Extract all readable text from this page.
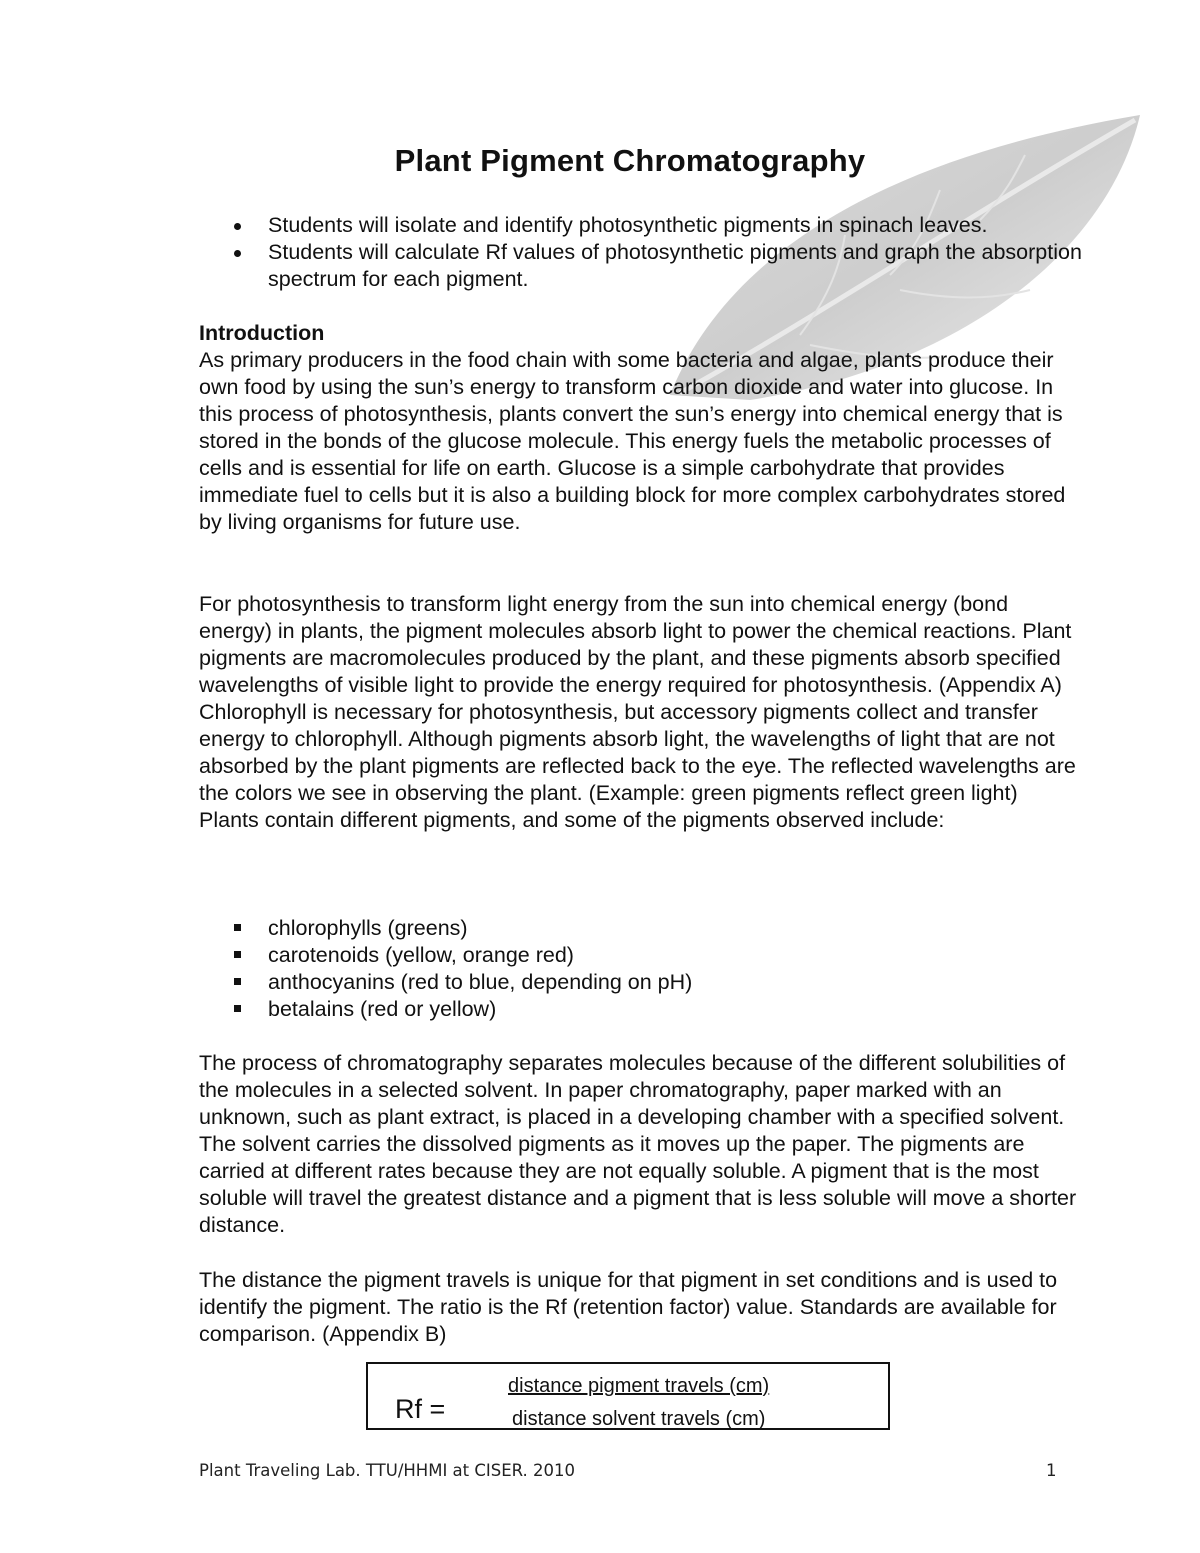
Plant Pigment Chromatography
Students will isolate and identify photosynthetic pigments in spinach leaves.
Students will calculate Rf values of photosynthetic pigments and graph the absorption spectrum for each pigment.
Introduction

As primary producers in the food chain with some bacteria and algae, plants produce their own food by using the sun’s energy to transform carbon dioxide and water into glucose. In this process of photosynthesis, plants convert the sun’s energy into chemical energy that is stored in the bonds of the glucose molecule. This energy fuels the metabolic processes of cells and is essential for life on earth. Glucose is a simple carbohydrate that provides immediate fuel to cells but it is also a building block for more complex carbohydrates stored by living organisms for future use.

For photosynthesis to transform light energy from the sun into chemical energy (bond energy) in plants, the pigment molecules absorb light to power the chemical reactions. Plant pigments are macromolecules produced by the plant, and these pigments absorb specified wavelengths of visible light to provide the energy required for photosynthesis. (Appendix A) Chlorophyll is necessary for photosynthesis, but accessory pigments collect and transfer energy to chlorophyll. Although pigments absorb light, the wavelengths of light that are not absorbed by the plant pigments are reflected back to the eye. The reflected wavelengths are the colors we see in observing the plant. (Example: green pigments reflect green light) Plants contain different pigments, and some of the pigments observed include:

chlorophylls (greens)
carotenoids (yellow, orange red)
anthocyanins (red to blue, depending on pH)
betalains (red or yellow)

The process of chromatography separates molecules because of the different solubilities of the molecules in a selected solvent. In paper chromatography, paper marked with an unknown, such as plant extract, is placed in a developing chamber with a specified solvent. The solvent carries the dissolved pigments as it moves up the paper. The pigments are carried at different rates because they are not equally soluble. A pigment that is the most soluble will travel the greatest distance and a pigment that is less soluble will move a shorter distance.

The distance the pigment travels is unique for that pigment in set conditions and is used to identify the pigment. The ratio is the Rf (retention factor) value. Standards are available for comparison. (Appendix B)

Rf =
distance pigment travels (cm)
distance solvent travels (cm)
Plant Traveling Lab. TTU/HHMI at CISER. 2010	1
